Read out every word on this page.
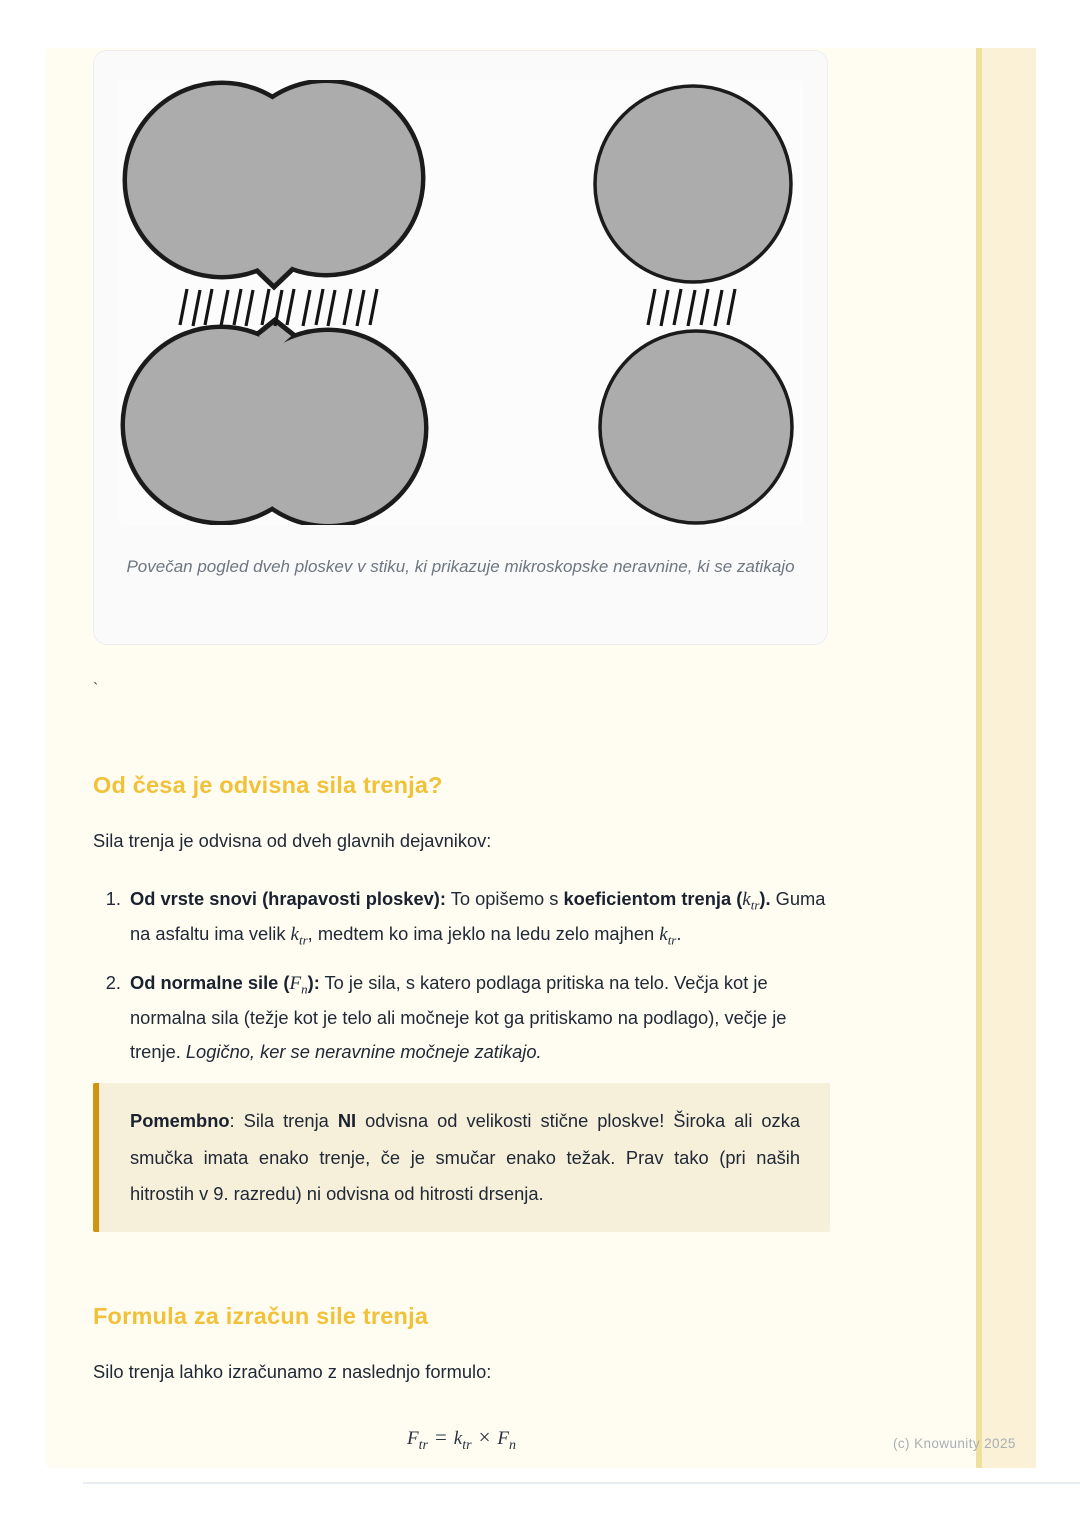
Povečan pogled dveh ploskev v stiku, ki prikazuje mikroskopske neravnine, ki se zatikajo
`
Od česa je odvisna sila trenja?

Sila trenja je odvisna od dveh glavnih dejavnikov:

1. Od vrste snovi (hrapavosti ploskev): To opišemo s koeficientom trenja $(k_{tr})$. Guma na asfaltu ima velik $k_{tr}$, medtem ko ima jeklo na ledu zelo majhen $k_{tr}$.
2. Od normalne sile $(F_n)$: To je sila, s katero podlaga pritiska na telo. Večja kot je normalna sila (težje kot je telo ali močneje kot ga pritiskamo na podlago), večje je trenje. Logično, ker se neravnine močneje zatikajo.

Pomembno: Sila trenja NI odvisna od velikosti stične ploskve! Široka ali ozka smučka imata enako trenje, če je smučar enako težak. Prav tako (pri naših hitrostih v 9. razredu) ni odvisna od hitrosti drsenja.

Formula za izračun sile trenja

Silo trenja lahko izračunamo z naslednjo formulo:

$F_{tr} = k_{tr} \times F_n$	(c) Knowunity 2025
